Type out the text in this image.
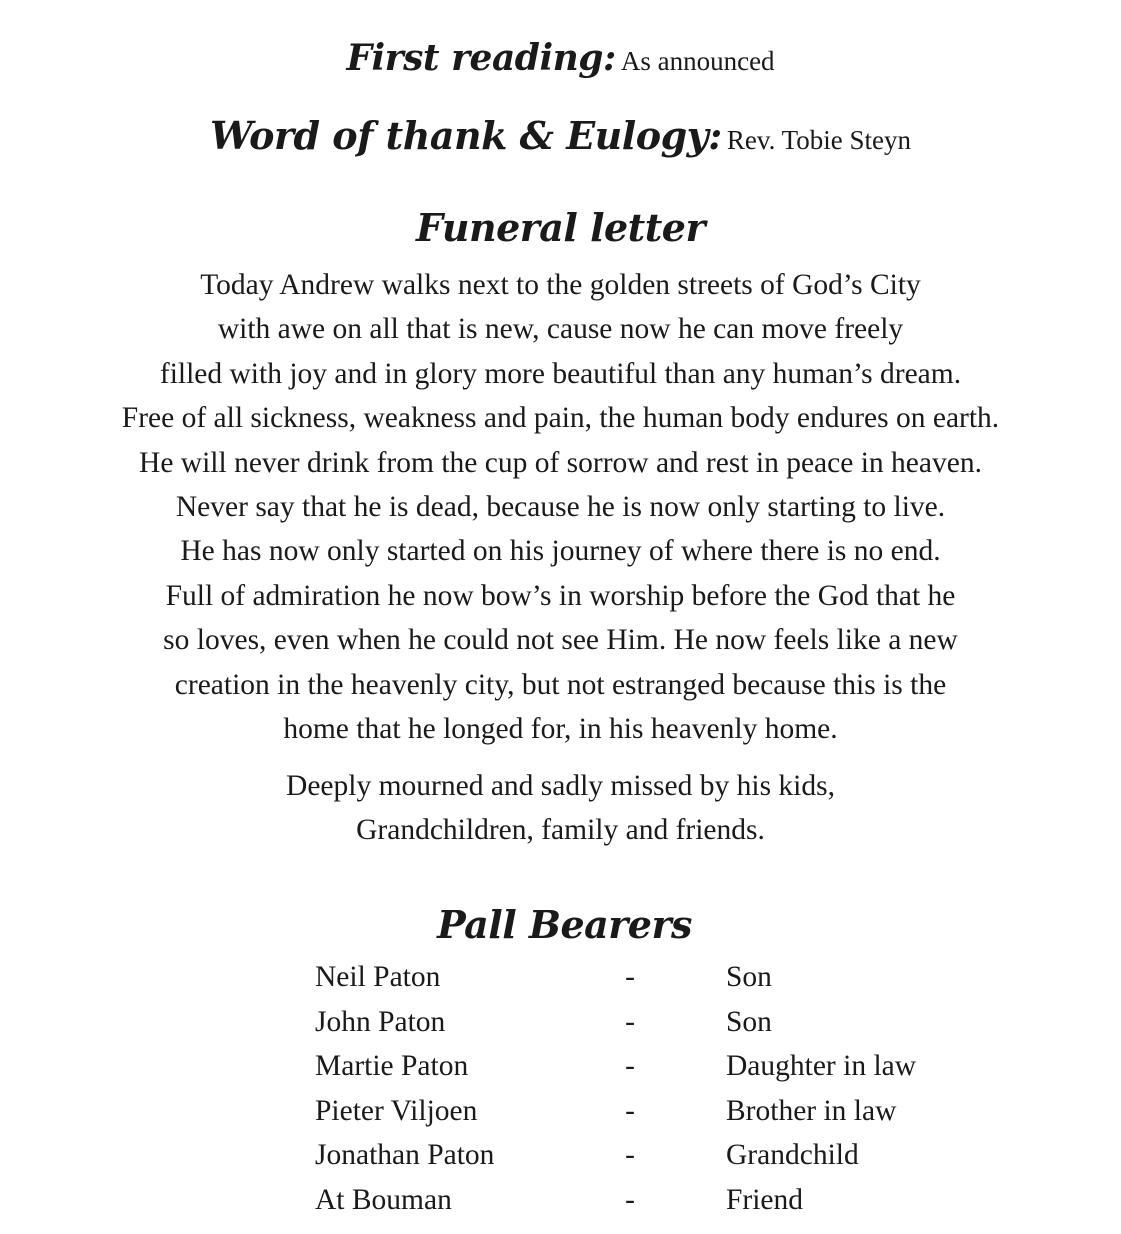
First reading: As announced
Word of thank & Eulogy: Rev. Tobie Steyn
Funeral letter
Today Andrew walks next to the golden streets of God’s City
with awe on all that is new, cause now he can move freely
filled with joy and in glory more beautiful than any human’s dream.
Free of all sickness, weakness and pain, the human body endures on earth.
He will never drink from the cup of sorrow and rest in peace in heaven.
Never say that he is dead, because he is now only starting to live.
He has now only started on his journey of where there is no end.
Full of admiration he now bow’s in worship before the God that he
so loves, even when he could not see Him. He now feels like a new
creation in the heavenly city, but not estranged because this is the
home that he longed for, in his heavenly home.
Deeply mourned and sadly missed by his kids,
Grandchildren, family and friends.
Pall Bearers
Neil Paton	-	Son
John Paton	-	Son
Martie Paton	-	Daughter in law
Pieter Viljoen	-	Brother in law
Jonathan Paton	-	Grandchild
At Bouman	-	Friend
